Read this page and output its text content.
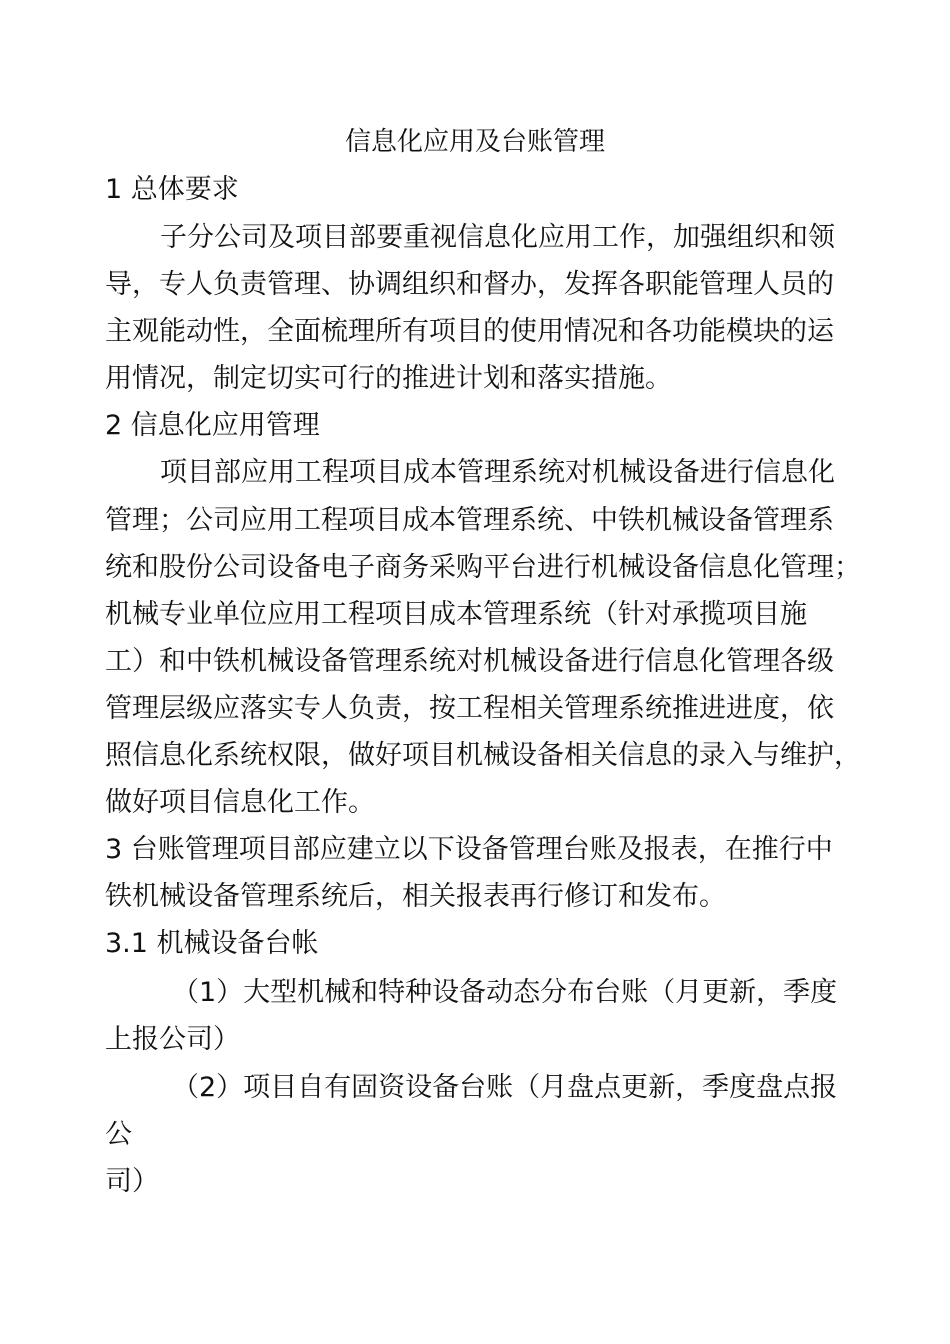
信息化应用及台账管理
1 总体要求
子分公司及项目部要重视信息化应用工作，加强组织和领
导，专人负责管理、协调组织和督办，发挥各职能管理人员的
主观能动性，全面梳理所有项目的使用情况和各功能模块的运
用情况，制定切实可行的推进计划和落实措施。
2 信息化应用管理
项目部应用工程项目成本管理系统对机械设备进行信息化
管理；公司应用工程项目成本管理系统、中铁机械设备管理系
统和股份公司设备电子商务采购平台进行机械设备信息化管理；
机械专业单位应用工程项目成本管理系统（针对承揽项目施
工）和中铁机械设备管理系统对机械设备进行信息化管理各级
管理层级应落实专人负责，按工程相关管理系统推进进度，依
照信息化系统权限，做好项目机械设备相关信息的录入与维护，
做好项目信息化工作。
3 台账管理项目部应建立以下设备管理台账及报表，在推行中
铁机械设备管理系统后，相关报表再行修订和发布。
3.1 机械设备台帐
（1）大型机械和特种设备动态分布台账（月更新，季度
上报公司）
（2）项目自有固资设备台账（月盘点更新，季度盘点报
公
司）
